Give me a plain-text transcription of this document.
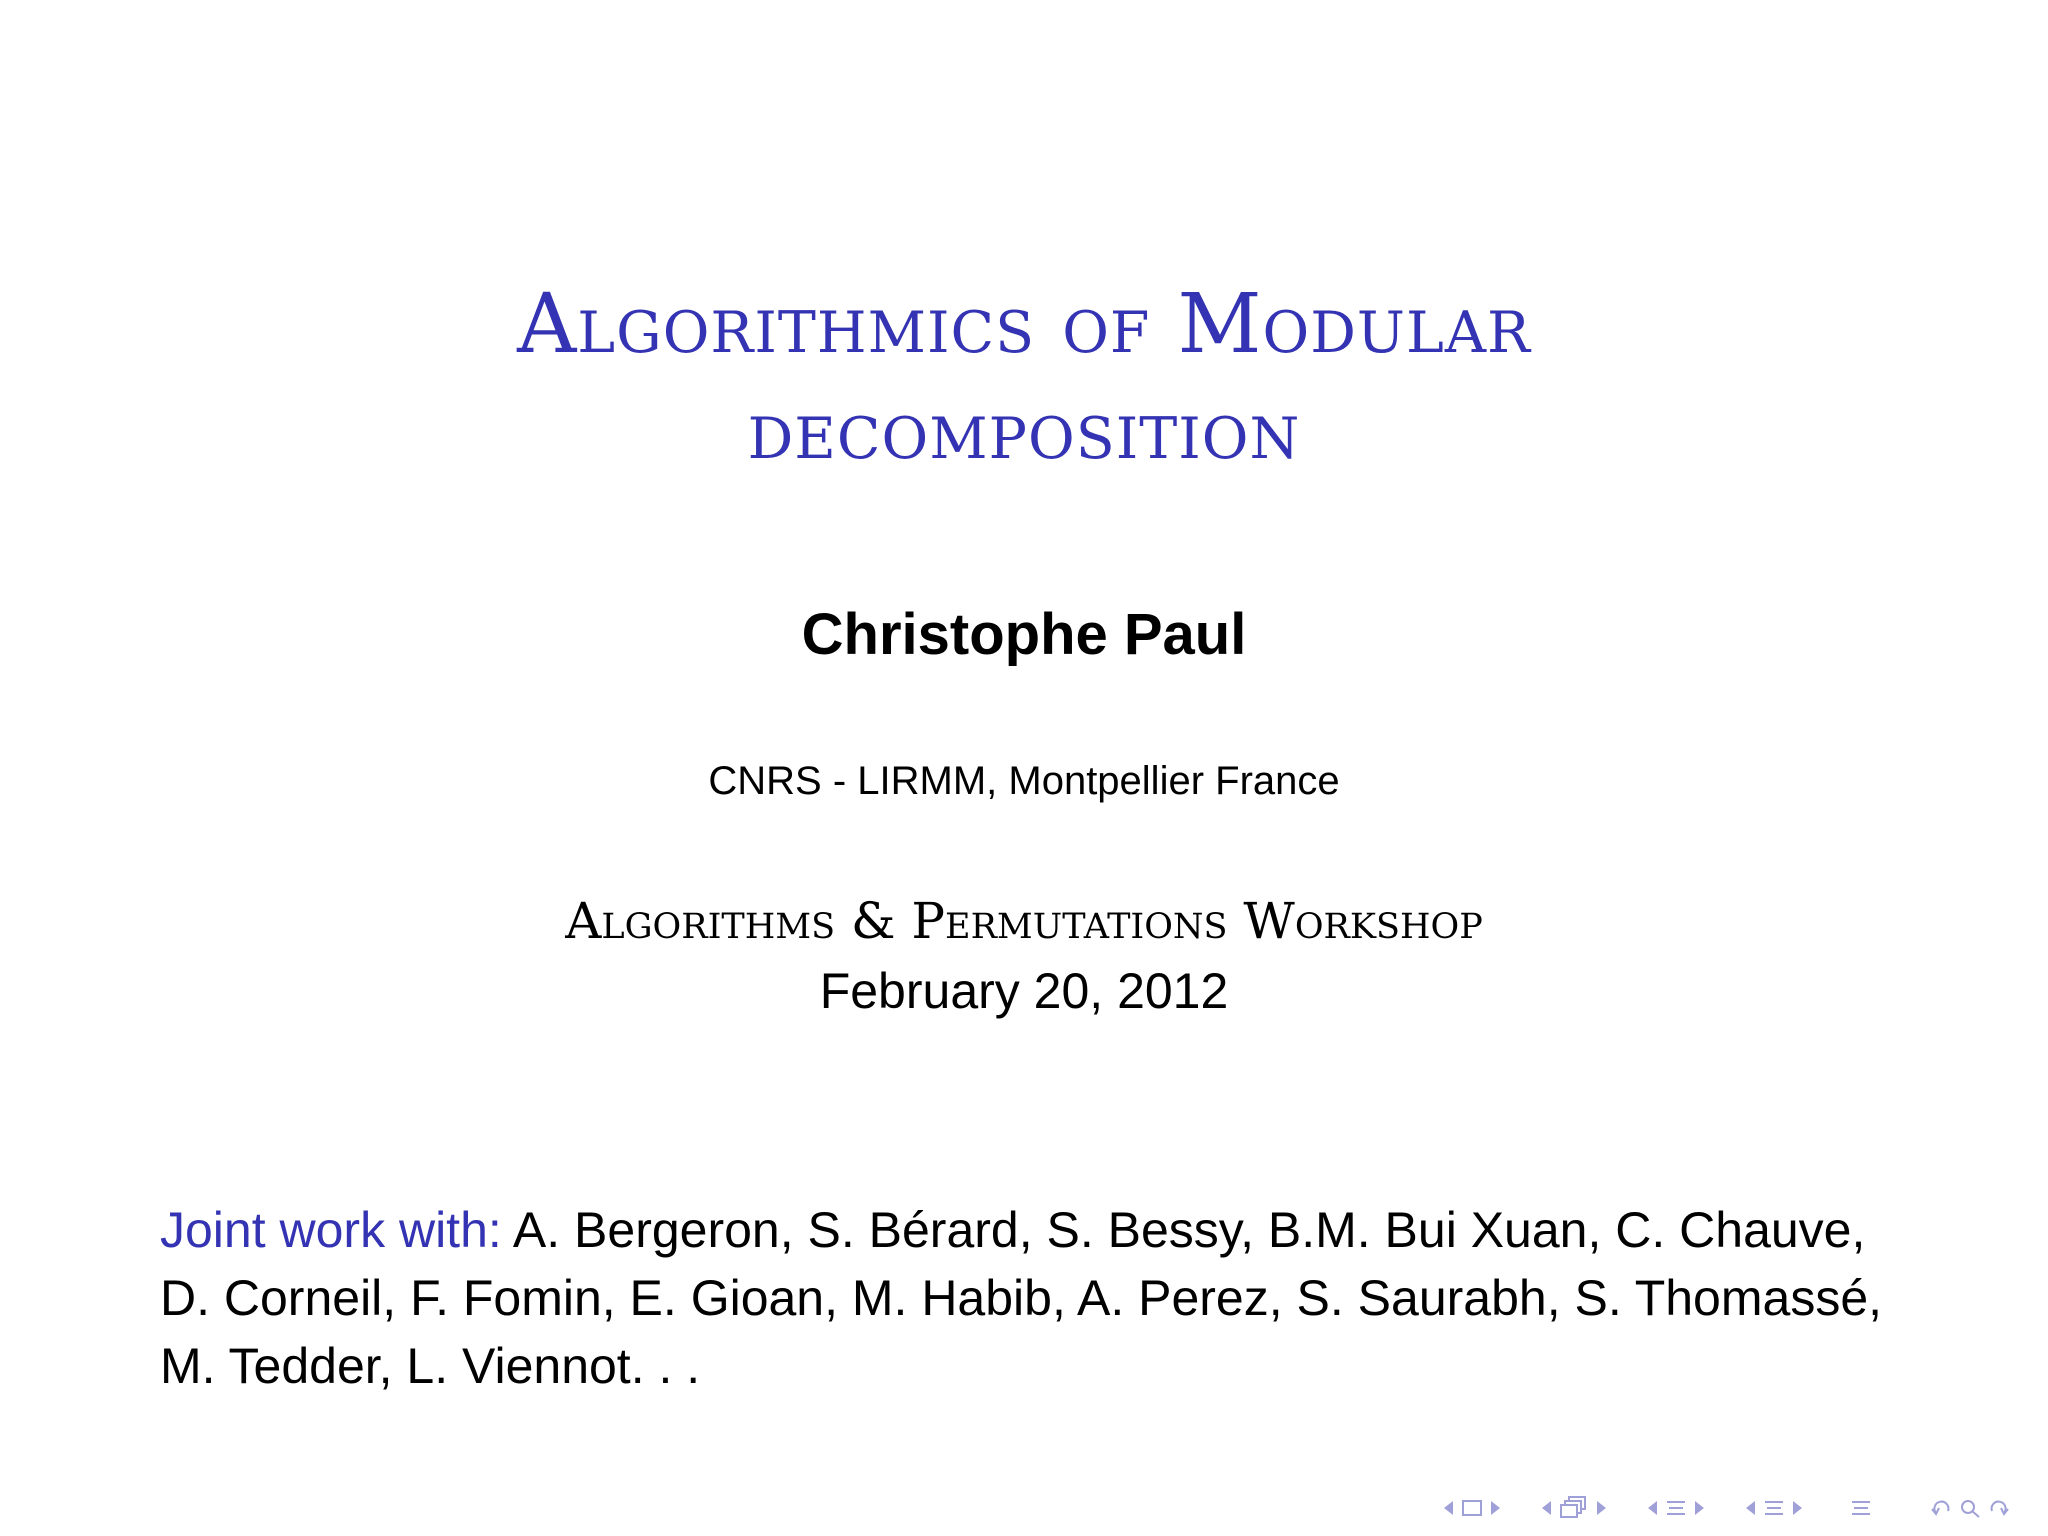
Algorithmics of Modular
decomposition
Christophe Paul
CNRS - LIRMM, Montpellier France
Algorithms & Permutations Workshop
February 20, 2012
Joint work with: A. Bergeron, S. Bérard, S. Bessy, B.M. Bui Xuan, C. Chauve, D. Corneil, F. Fomin, E. Gioan, M. Habib, A. Perez, S. Saurabh, S. Thomassé, M. Tedder, L. Viennot. . .
